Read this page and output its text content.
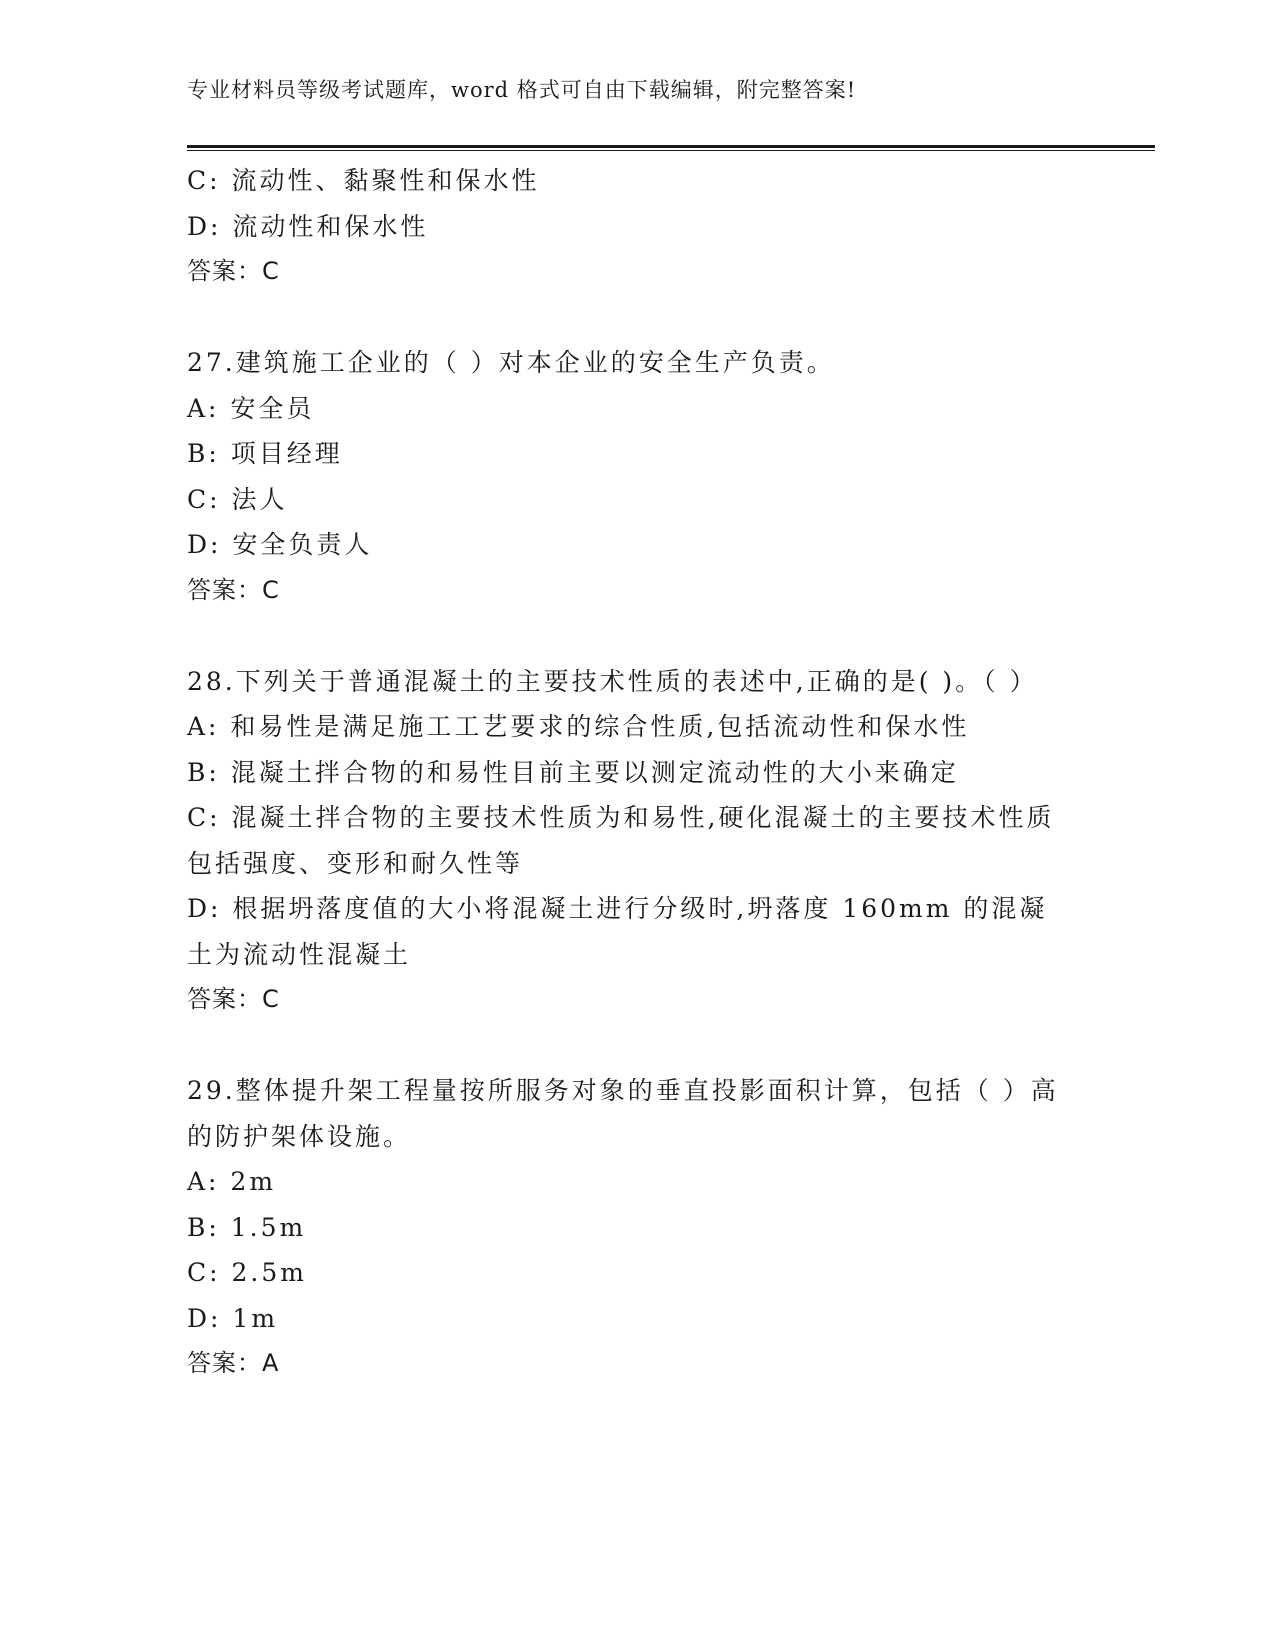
专业材料员等级考试题库，word 格式可自由下载编辑，附完整答案!
C: 流动性、黏聚性和保水性
D: 流动性和保水性
答案：C
27.建筑施工企业的（ ）对本企业的安全生产负责。
A: 安全员
B: 项目经理
C: 法人
D: 安全负责人
答案：C
28.下列关于普通混凝土的主要技术性质的表述中,正确的是( )。（ ）
A: 和易性是满足施工工艺要求的综合性质,包括流动性和保水性
B: 混凝土拌合物的和易性目前主要以测定流动性的大小来确定
C: 混凝土拌合物的主要技术性质为和易性,硬化混凝土的主要技术性质包括强度、变形和耐久性等
D: 根据坍落度值的大小将混凝土进行分级时,坍落度 160mm 的混凝土为流动性混凝土
答案：C
29.整体提升架工程量按所服务对象的垂直投影面积计算，包括（ ）高的防护架体设施。
A: 2m
B: 1.5m
C: 2.5m
D: 1m
答案：A
